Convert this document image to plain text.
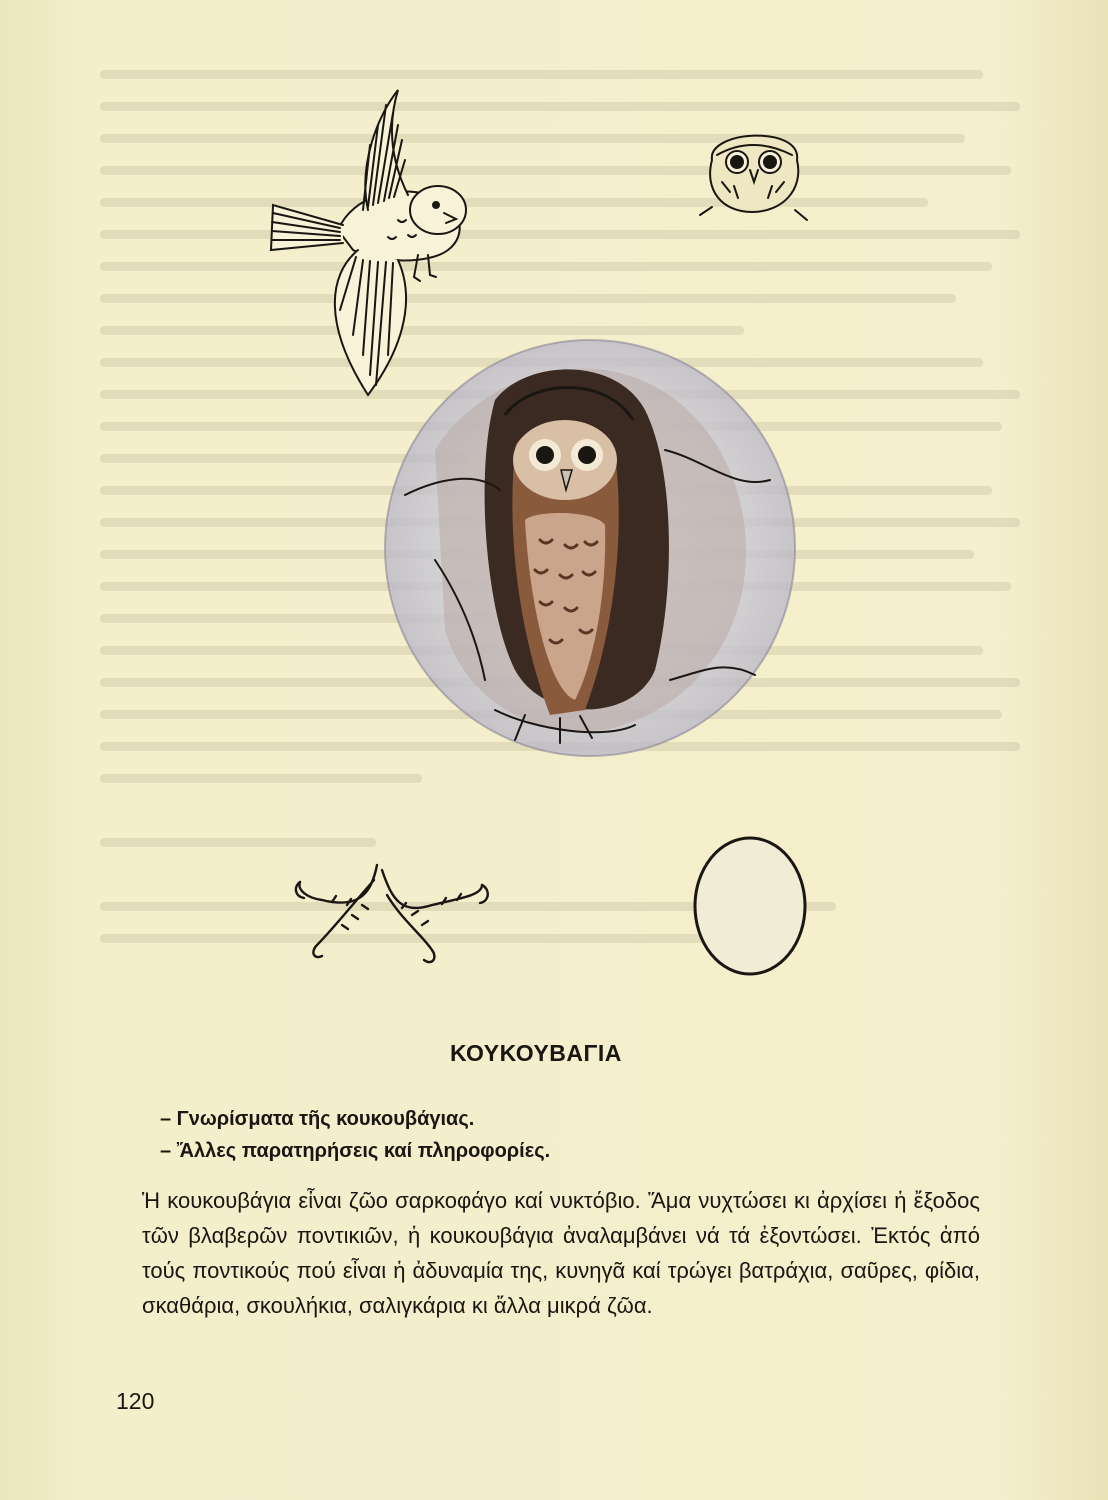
ΚΟΥΚΟΥΒΑΓΙΑ
– Γνωρίσματα τῆς κουκουβάγιας.
– Ἄλλες παρατηρήσεις καί πληροφορίες.

Ἡ κουκουβάγια εἶναι ζῶο σαρκοφάγο καί νυκτόβιο. Ἅμα νυχτώσει κι ἀρχίσει ἡ ἔξοδος τῶν βλαβερῶν ποντικιῶν, ἡ κουκουβάγια ἀναλαμβάνει νά τά ἐξοντώσει. Ἐκτός ἀπό τούς ποντικούς πού εἶναι ἡ ἀδυναμία της, κυνηγᾶ καί τρώγει βατράχια, σαῦρες, φίδια, σκαθάρια, σκουλήκια, σαλιγκάρια κι ἄλλα μικρά ζῶα.

120
